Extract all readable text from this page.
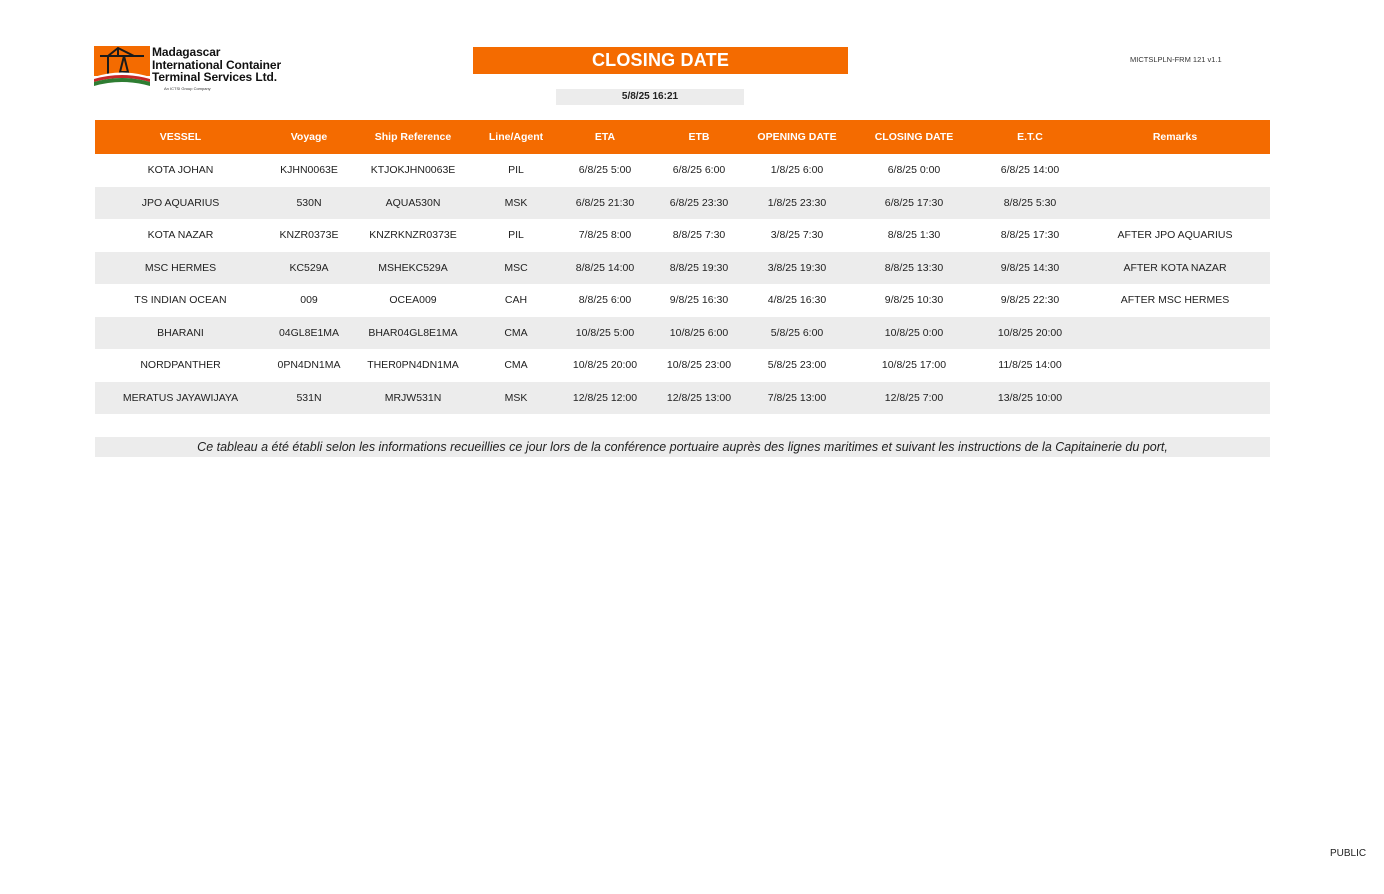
Madagascar
International Container
Terminal Services Ltd.
An ICTSI Group Company
CLOSING DATE
5/8/25 16:21
MICTSLPLN-FRM 121 v1.1
VESSEL	Voyage	Ship Reference	Line/Agent	ETA	ETB	OPENING DATE	CLOSING DATE	E.T.C	Remarks
KOTA JOHAN	KJHN0063E	KTJOKJHN0063E	PIL	6/8/25 5:00	6/8/25 6:00	1/8/25 6:00	6/8/25 0:00	6/8/25 14:00	
JPO AQUARIUS	530N	AQUA530N	MSK	6/8/25 21:30	6/8/25 23:30	1/8/25 23:30	6/8/25 17:30	8/8/25 5:30	
KOTA NAZAR	KNZR0373E	KNZRKNZR0373E	PIL	7/8/25 8:00	8/8/25 7:30	3/8/25 7:30	8/8/25 1:30	8/8/25 17:30	AFTER JPO AQUARIUS
MSC HERMES	KC529A	MSHEKC529A	MSC	8/8/25 14:00	8/8/25 19:30	3/8/25 19:30	8/8/25 13:30	9/8/25 14:30	AFTER KOTA NAZAR
TS INDIAN OCEAN	009	OCEA009	CAH	8/8/25 6:00	9/8/25 16:30	4/8/25 16:30	9/8/25 10:30	9/8/25 22:30	AFTER MSC HERMES
BHARANI	04GL8E1MA	BHAR04GL8E1MA	CMA	10/8/25 5:00	10/8/25 6:00	5/8/25 6:00	10/8/25 0:00	10/8/25 20:00	
NORDPANTHER	0PN4DN1MA	THER0PN4DN1MA	CMA	10/8/25 20:00	10/8/25 23:00	5/8/25 23:00	10/8/25 17:00	11/8/25 14:00	
MERATUS JAYAWIJAYA	531N	MRJW531N	MSK	12/8/25 12:00	12/8/25 13:00	7/8/25 13:00	12/8/25 7:00	13/8/25 10:00	
Ce tableau a été établi selon les informations recueillies ce jour lors de la conférence portuaire auprès des lignes maritimes et suivant les instructions de la Capitainerie du port,
PUBLIC
